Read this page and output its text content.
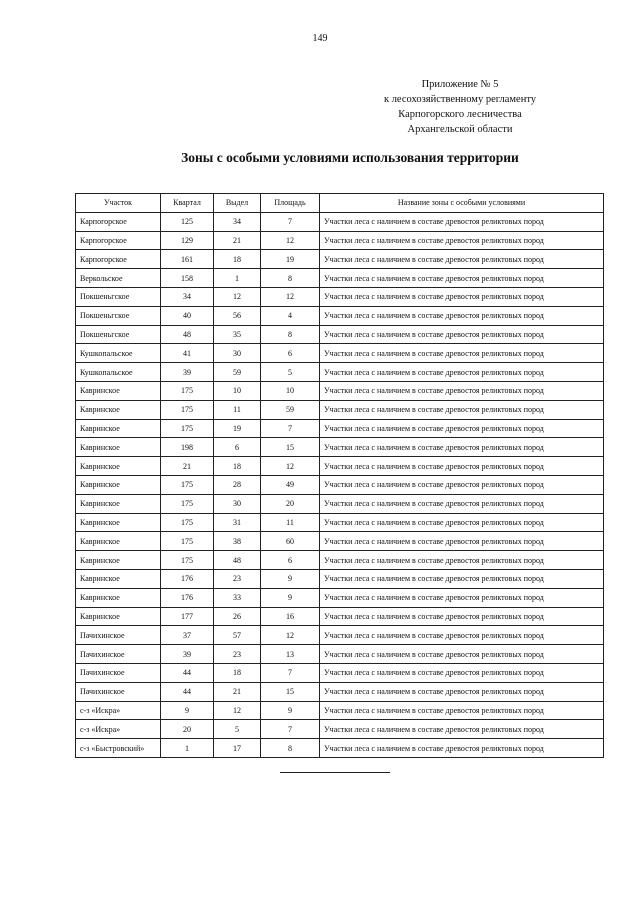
149
Приложение № 5
к лесохозяйственному регламенту
Карпогорского лесничества
Архангельской области
Зоны с особыми условиями использования территории
Участок	Квартал	Выдел	Площадь	Название зоны с особыми условиями
Карпогорское	125	34	7	Участки леса с наличием в составе древостоя реликтовых пород
Карпогорское	129	21	12	Участки леса с наличием в составе древостоя реликтовых пород
Карпогорское	161	18	19	Участки леса с наличием в составе древостоя реликтовых пород
Веркольское	158	1	8	Участки леса с наличием в составе древостоя реликтовых пород
Покшеньгское	34	12	12	Участки леса с наличием в составе древостоя реликтовых пород
Покшеньгское	40	56	4	Участки леса с наличием в составе древостоя реликтовых пород
Покшеньгское	48	35	8	Участки леса с наличием в составе древостоя реликтовых пород
Кушкопальское	41	30	6	Участки леса с наличием в составе древостоя реликтовых пород
Кушкопальское	39	59	5	Участки леса с наличием в составе древостоя реликтовых пород
Кавринское	175	10	10	Участки леса с наличием в составе древостоя реликтовых пород
Кавринское	175	11	59	Участки леса с наличием в составе древостоя реликтовых пород
Кавринское	175	19	7	Участки леса с наличием в составе древостоя реликтовых пород
Кавринское	198	6	15	Участки леса с наличием в составе древостоя реликтовых пород
Кавринское	21	18	12	Участки леса с наличием в составе древостоя реликтовых пород
Кавринское	175	28	49	Участки леса с наличием в составе древостоя реликтовых пород
Кавринское	175	30	20	Участки леса с наличием в составе древостоя реликтовых пород
Кавринское	175	31	11	Участки леса с наличием в составе древостоя реликтовых пород
Кавринское	175	38	60	Участки леса с наличием в составе древостоя реликтовых пород
Кавринское	175	48	6	Участки леса с наличием в составе древостоя реликтовых пород
Кавринское	176	23	9	Участки леса с наличием в составе древостоя реликтовых пород
Кавринское	176	33	9	Участки леса с наличием в составе древостоя реликтовых пород
Кавринское	177	26	16	Участки леса с наличием в составе древостоя реликтовых пород
Пачихинское	37	57	12	Участки леса с наличием в составе древостоя реликтовых пород
Пачихинское	39	23	13	Участки леса с наличием в составе древостоя реликтовых пород
Пачихинское	44	18	7	Участки леса с наличием в составе древостоя реликтовых пород
Пачихинское	44	21	15	Участки леса с наличием в составе древостоя реликтовых пород
с-з «Искра»	9	12	9	Участки леса с наличием в составе древостоя реликтовых пород
с-з «Искра»	20	5	7	Участки леса с наличием в составе древостоя реликтовых пород
с-з «Быстровский»	1	17	8	Участки леса с наличием в составе древостоя реликтовых пород
